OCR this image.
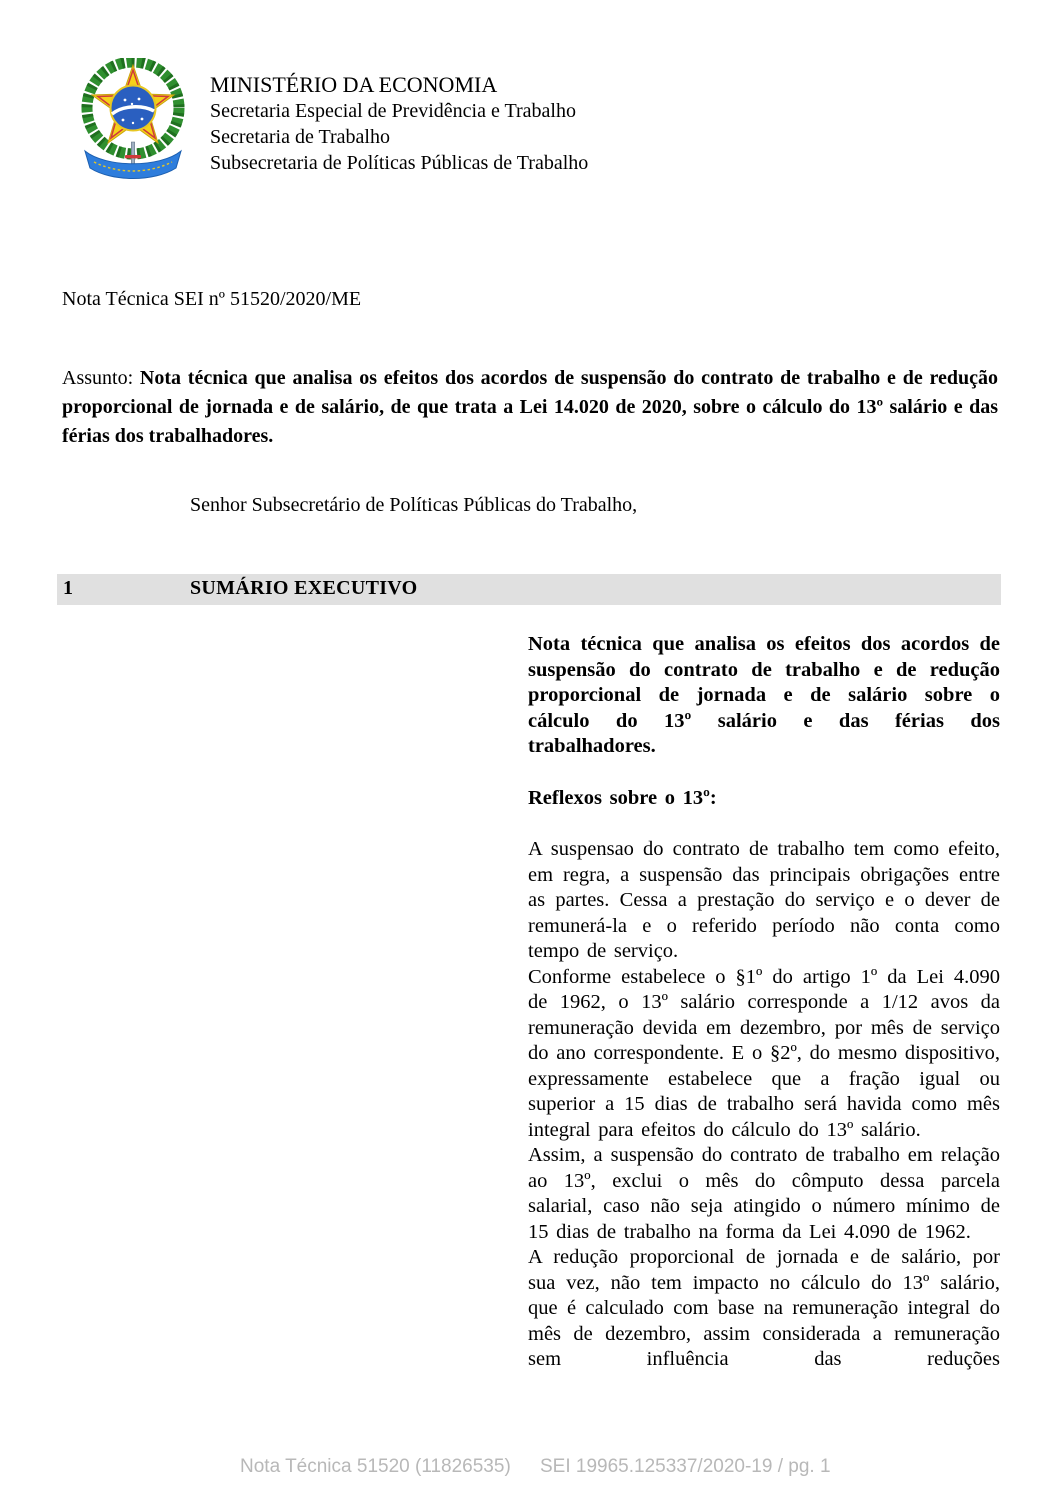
MINISTÉRIO DA ECONOMIA
Secretaria Especial de Previdência e Trabalho
Secretaria de Trabalho
Subsecretaria de Políticas Públicas de Trabalho
Nota Técnica SEI nº 51520/2020/ME

Assunto: Nota técnica que analisa os efeitos dos acordos de suspensão do contrato de trabalho e de redução proporcional de jornada e de salário, de que trata a Lei 14.020 de 2020, sobre o cálculo do 13º salário e das férias dos trabalhadores.

Senhor Subsecretário de Políticas Públicas do Trabalho,
1	SUMÁRIO EXECUTIVO

Nota técnica que analisa os efeitos dos acordos de suspensão do contrato de trabalho e de redução proporcional de jornada e de salário sobre o cálculo do 13º salário e das férias dos trabalhadores.

Reflexos sobre o 13º:

A suspensao do contrato de trabalho tem como efeito, em regra, a suspensão das principais obrigações entre as partes. Cessa a prestação do serviço e o dever de remunerá-la e o referido período não conta como tempo de serviço.

Conforme estabelece o §1º do artigo 1º da Lei 4.090 de 1962, o 13º salário corresponde a 1/12 avos da remuneração devida em dezembro, por mês de serviço do ano correspondente. E o §2º, do mesmo dispositivo, expressamente estabelece que a fração igual ou superior a 15 dias de trabalho será havida como mês integral para efeitos do cálculo do 13º salário.

Assim, a suspensão do contrato de trabalho em relação ao 13º, exclui o mês do cômputo dessa parcela salarial, caso não seja atingido o número mínimo de 15 dias de trabalho na forma da Lei 4.090 de 1962.

A redução proporcional de jornada e de salário, por sua vez, não tem impacto no cálculo do 13º salário, que é calculado com base na remuneração integral do mês de dezembro, assim considerada a remuneração sem influência das reduções

Nota Técnica 51520 (11826535) SEI 19965.125337/2020-19 / pg. 1
